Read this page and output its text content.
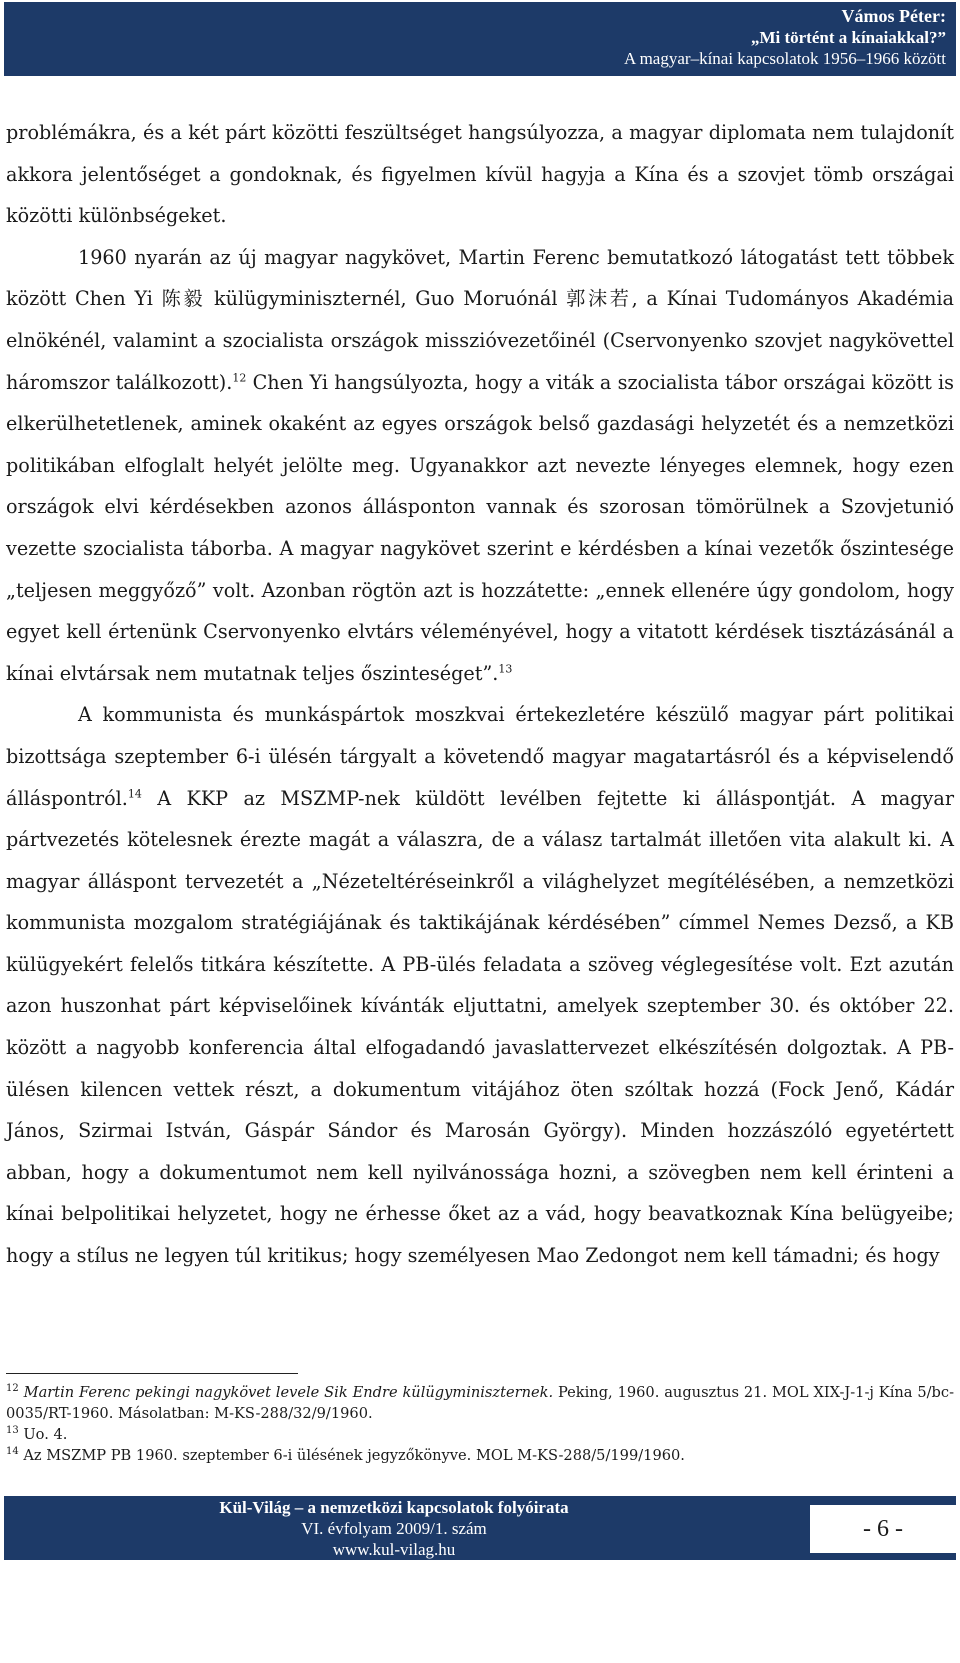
Vámos Péter:
„Mi történt a kínaiakkal?”
A magyar–kínai kapcsolatok 1956–1966 között

problémákra, és a két párt közötti feszültséget hangsúlyozza, a magyar diplomata nem tulajdonít akkora jelentőséget a gondoknak, és figyelmen kívül hagyja a Kína és a szovjet tömb országai közötti különbségeket.

1960 nyarán az új magyar nagykövet, Martin Ferenc bemutatkozó látogatást tett többek között Chen Yi 陈毅 külügyminiszternél, Guo Moruónál 郭沫若, a Kínai Tudományos Akadémia elnökénél, valamint a szocialista országok misszióvezetőinél (Cservonyenko szovjet nagykövettel háromszor találkozott).$^{12}$ Chen Yi hangsúlyozta, hogy a viták a szocialista tábor országai között is elkerülhetetlenek, aminek okaként az egyes országok belső gazdasági helyzetét és a nemzetközi politikában elfoglalt helyét jelölte meg. Ugyanakkor azt nevezte lényeges elemnek, hogy ezen országok elvi kérdésekben azonos állásponton vannak és szorosan tömörülnek a Szovjetunió vezette szocialista táborba. A magyar nagykövet szerint e kérdésben a kínai vezetők őszintesége „teljesen meggyőző” volt. Azonban rögtön azt is hozzátette: „ennek ellenére úgy gondolom, hogy egyet kell értenünk Cservonyenko elvtárs véleményével, hogy a vitatott kérdések tisztázásánál a kínai elvtársak nem mutatnak teljes őszinteséget”.$^{13}$

A kommunista és munkáspártok moszkvai értekezletére készülő magyar párt politikai bizottsága szeptember 6-i ülésén tárgyalt a követendő magyar magatartásról és a képviselendő álláspontról.$^{14}$ A KKP az MSZMP-nek küldött levélben fejtette ki álláspontját. A magyar pártvezetés kötelesnek érezte magát a válaszra, de a válasz tartalmát illetően vita alakult ki. A magyar álláspont tervezetét a „Nézeteltéréseinkről a világhelyzet megítélésében, a nemzetközi kommunista mozgalom stratégiájának és taktikájának kérdésében” címmel Nemes Dezső, a KB külügyekért felelős titkára készítette. A PB-ülés feladata a szöveg véglegesítése volt. Ezt azután azon huszonhat párt képviselőinek kívánták eljuttatni, amelyek szeptember 30. és október 22. között a nagyobb konferencia által elfogadandó javaslattervezet elkészítésén dolgoztak. A PB-ülésen kilencen vettek részt, a dokumentum vitájához öten szóltak hozzá (Fock Jenő, Kádár János, Szirmai István, Gáspár Sándor és Marosán György). Minden hozzászóló egyetértett abban, hogy a dokumentumot nem kell nyilvánossága hozni, a szövegben nem kell érinteni a kínai belpolitikai helyzetet, hogy ne érhesse őket az a vád, hogy beavatkoznak Kína belügyeibe; hogy a stílus ne legyen túl kritikus; hogy személyesen Mao Zedongot nem kell támadni; és hogy

$^{12}$ Martin Ferenc pekingi nagykövet levele Sik Endre külügyminiszternek. Peking, 1960. augusztus 21. MOL XIX-J-1-j Kína 5/bc-0035/RT-1960. Másolatban: M-KS-288/32/9/1960.

$^{13}$ Uo. 4.

$^{14}$ Az MSZMP PB 1960. szeptember 6-i ülésének jegyzőkönyve. MOL M-KS-288/5/199/1960.

Kül-Világ – a nemzetközi kapcsolatok folyóirata
VI. évfolyam 2009/1. szám
www.kul-vilag.hu
- 6 -
